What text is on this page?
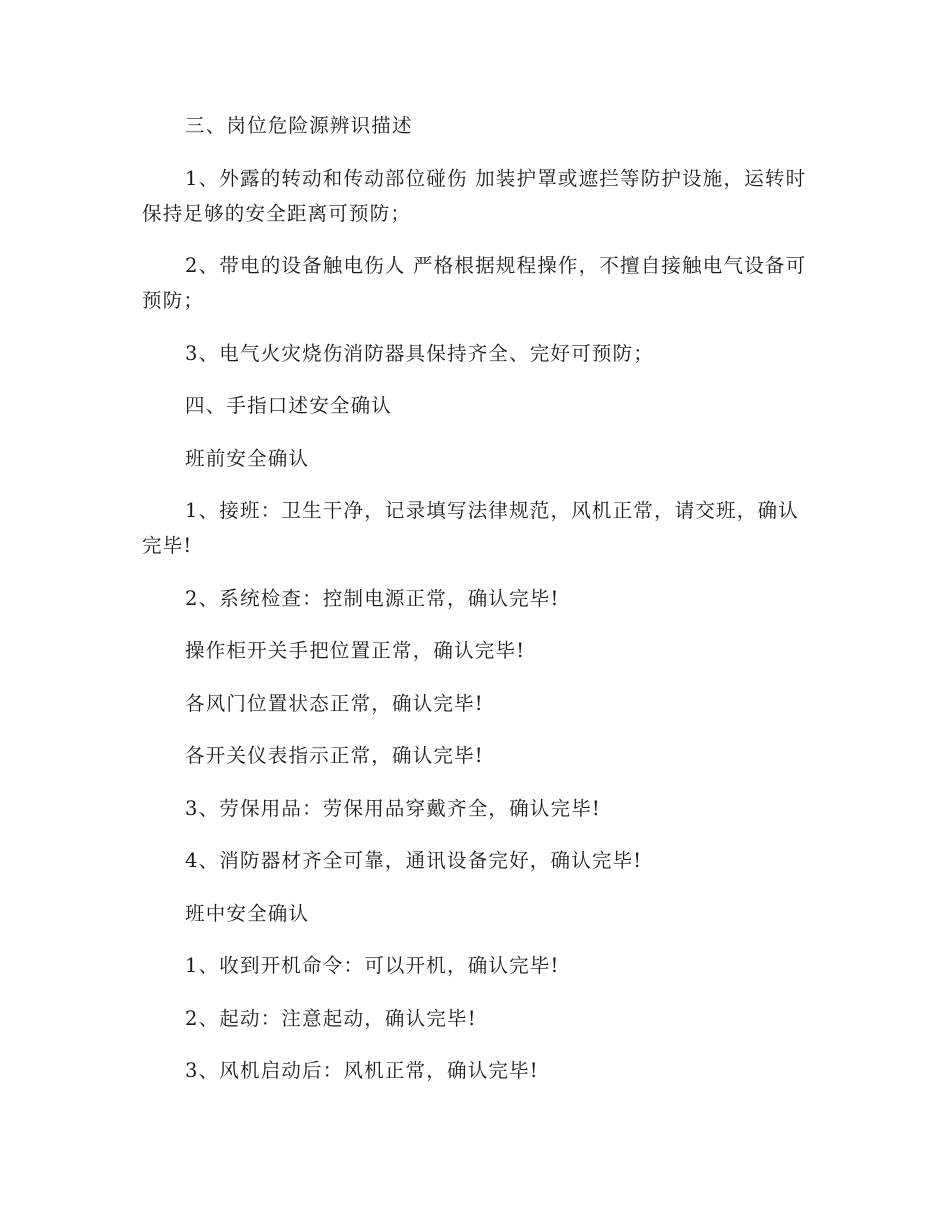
三、岗位危险源辨识描述

1、外露的转动和传动部位碰伤 加装护罩或遮拦等防护设施，运转时保持足够的安全距离可预防；

2、带电的设备触电伤人 严格根据规程操作，不擅自接触电气设备可预防；

3、电气火灾烧伤消防器具保持齐全、完好可预防；

四、手指口述安全确认

班前安全确认

1、接班：卫生干净，记录填写法律规范，风机正常，请交班，确认完毕!

2、系统检查：控制电源正常，确认完毕!

操作柜开关手把位置正常，确认完毕!

各风门位置状态正常，确认完毕!

各开关仪表指示正常，确认完毕!

3、劳保用品：劳保用品穿戴齐全，确认完毕!

4、消防器材齐全可靠，通讯设备完好，确认完毕!

班中安全确认

1、收到开机命令：可以开机，确认完毕!

2、起动：注意起动，确认完毕!

3、风机启动后：风机正常，确认完毕!
